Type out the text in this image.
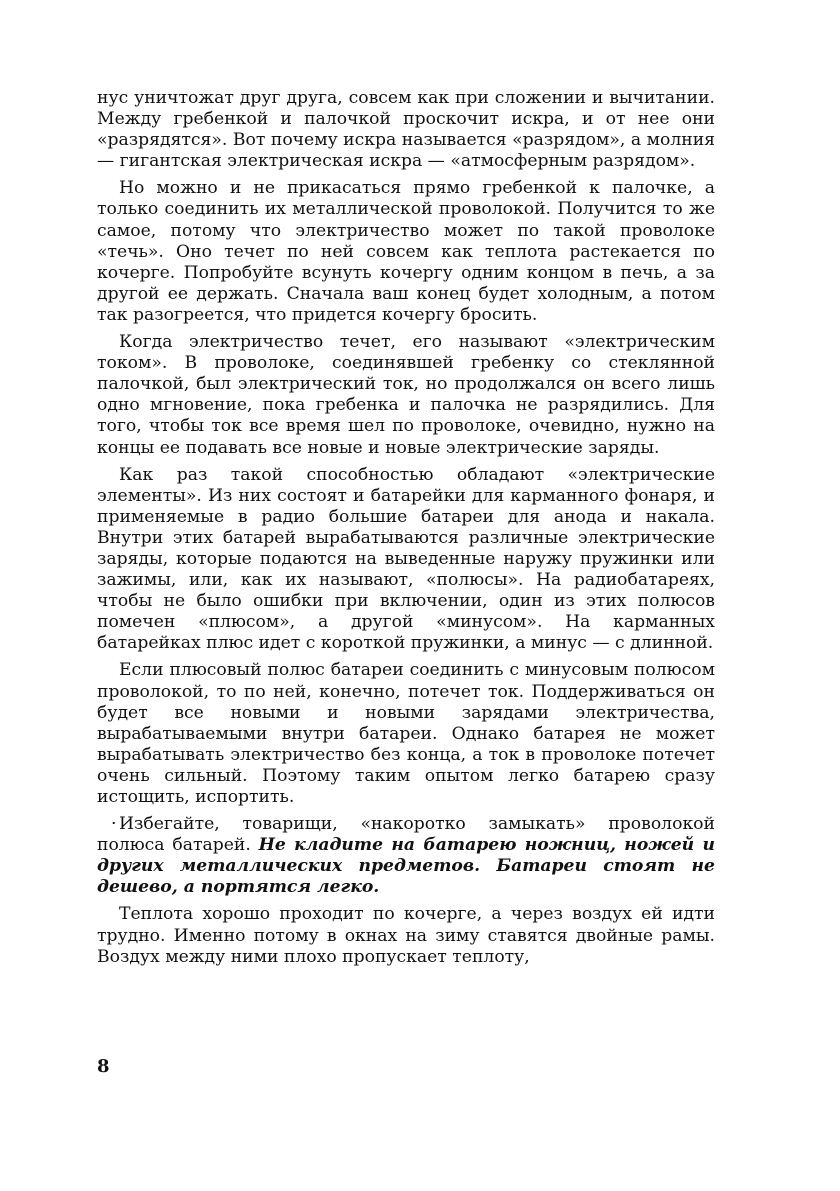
нус уничтожат друг друга, совсем как при сложении и вычитании. Между гребенкой и палочкой проскочит искра, и от нее они «разрядятся». Вот почему искра называется «разрядом», а молния — гигантская электрическая искра — «атмосферным разрядом».

Но можно и не прикасаться прямо гребенкой к палочке, а только соединить их металлической проволокой. Получится то же самое, потому что электричество может по такой проволоке «течь». Оно течет по ней совсем как теплота растекается по кочерге. Попробуйте всунуть кочергу одним концом в печь, а за другой ее держать. Сначала ваш конец будет холодным, а потом так разогреется, что придется кочергу бросить.

Когда электричество течет, его называют «электрическим током». В проволоке, соединявшей гребенку со стеклянной палочкой, был электрический ток, но продолжался он всего лишь одно мгновение, пока гребенка и палочка не разрядились. Для того, чтобы ток все время шел по проволоке, очевидно, нужно на концы ее подавать все новые и новые электрические заряды.

Как раз такой способностью обладают «электрические элементы». Из них состоят и батарейки для карманного фонаря, и применяемые в радио большие батареи для анода и накала. Внутри этих батарей вырабатываются различные электрические заряды, которые подаются на выведенные наружу пружинки или зажимы, или, как их называют, «полюсы». На радиобатареях, чтобы не было ошибки при включении, один из этих полюсов помечен «плюсом», а другой «минусом». На карманных батарейках плюс идет с короткой пружинки, а минус — с длинной.

Если плюсовый полюс батареи соединить с минусовым полюсом проволокой, то по ней, конечно, потечет ток. Поддерживаться он будет все новыми и новыми зарядами электричества, вырабатываемыми внутри батареи. Однако батарея не может вырабатывать электричество без конца, а ток в проволоке потечет очень сильный. Поэтому таким опытом легко батарею сразу истощить, испортить.

· Избегайте, товарищи, «накоротко замыкать» проволокой полюса батарей. Не кладите на батарею ножниц, ножей и других металлических предметов. Батареи стоят не дешево, а портятся легко.

Теплота хорошо проходит по кочерге, а через воздух ей идти трудно. Именно потому в окнах на зиму ставятся двойные рамы. Воздух между ними плохо пропускает теплоту,

8
